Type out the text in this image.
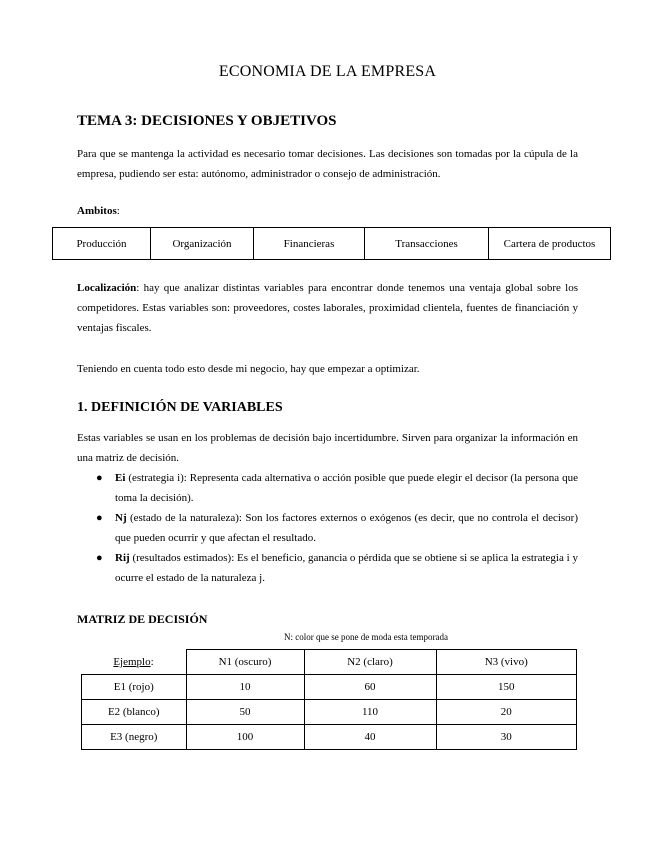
ECONOMIA DE LA EMPRESA
TEMA 3: DECISIONES Y OBJETIVOS
Para que se mantenga la actividad es necesario tomar decisiones. Las decisiones son tomadas por la cúpula de la empresa, pudiendo ser esta: autónomo, administrador o consejo de administración.
Ambitos:
Producción	Organización	Financieras	Transacciones	Cartera de productos
Localización: hay que analizar distintas variables para encontrar donde tenemos una ventaja global sobre los competidores. Estas variables son: proveedores, costes laborales, proximidad clientela, fuentes de financiación y ventajas fiscales.
Teniendo en cuenta todo esto desde mi negocio, hay que empezar a optimizar.
1. DEFINICIÓN DE VARIABLES
Estas variables se usan en los problemas de decisión bajo incertidumbre. Sirven para organizar la información en una matriz de decisión.
● Ei (estrategia i): Representa cada alternativa o acción posible que puede elegir el decisor (la persona que toma la decisión).
● Nj (estado de la naturaleza): Son los factores externos o exógenos (es decir, que no controla el decisor) que pueden ocurrir y que afectan el resultado.
● Rij (resultados estimados): Es el beneficio, ganancia o pérdida que se obtiene si se aplica la estrategia i y ocurre el estado de la naturaleza j.
MATRIZ DE DECISIÓN
N: color que se pone de moda esta temporada
Ejemplo:	N1 (oscuro)	N2 (claro)	N3 (vivo)
E1 (rojo)	10	60	150
E2 (blanco)	50	110	20
E3 (negro)	100	40	30
